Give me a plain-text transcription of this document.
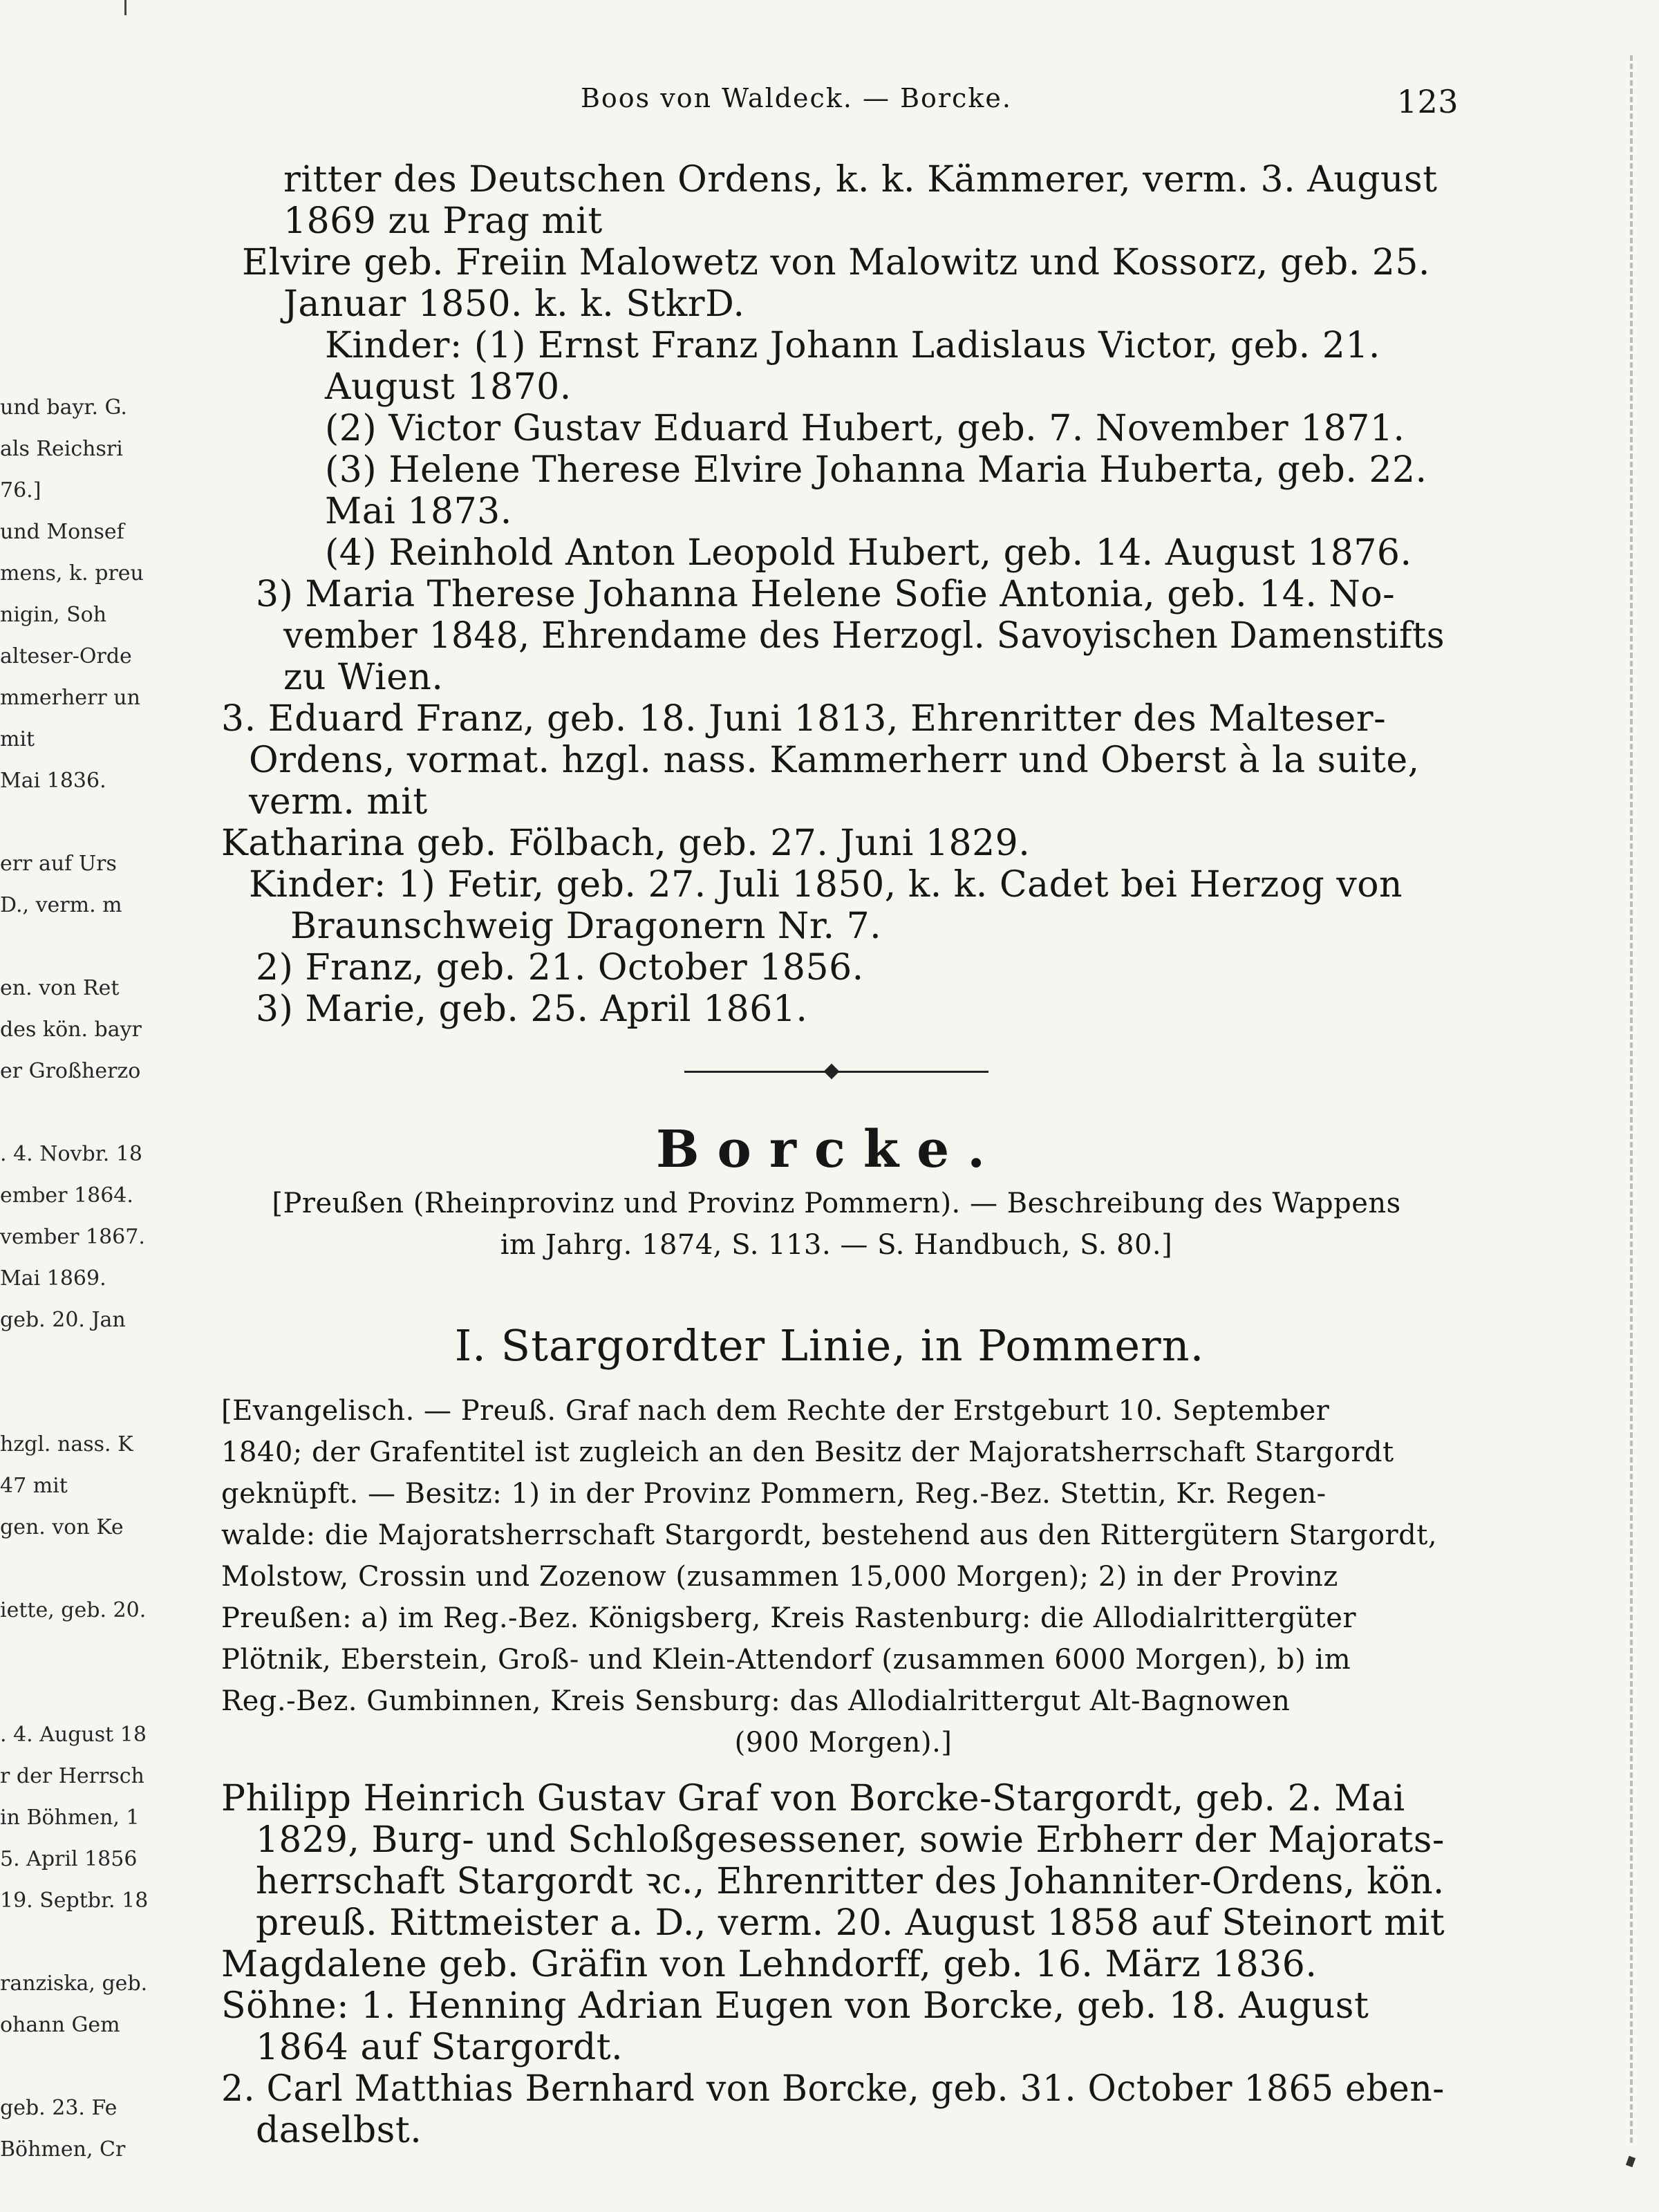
und bayr. G.
als Reichsri
76.]
und Monsef
mens, k. preu
nigin, Soh
alteser-Orde
mmerherr un
mit
Mai 1836.
err auf Urs
D., verm. m
en. von Ret
des kön. bayr
er Großherzo
. 4. Novbr. 18
ember 1864.
vember 1867.
Mai 1869.
geb. 20. Jan
hzgl. nass. K
47 mit
gen. von Ke
iette, geb. 20.
. 4. August 18
r der Herrsch
in Böhmen, 1
5. April 1856
19. Septbr. 18
ranziska, geb.
ohann Gem
geb. 23. Fe
Böhmen, Cr
Boos von Waldeck. — Borcke.	123
ritter des Deutschen Ordens, k. k. Kämmerer, verm. 3. August
1869 zu Prag mit
Elvire geb. Freiin Malowetz von Malowitz und Kossorz, geb. 25.
Januar 1850. k. k. StkrD.
Kinder: (1) Ernst Franz Johann Ladislaus Victor, geb. 21.
August 1870.
(2) Victor Gustav Eduard Hubert, geb. 7. November 1871.
(3) Helene Therese Elvire Johanna Maria Huberta, geb. 22.
Mai 1873.
(4) Reinhold Anton Leopold Hubert, geb. 14. August 1876.
3) Maria Therese Johanna Helene Sofie Antonia, geb. 14. No-
vember 1848, Ehrendame des Herzogl. Savoyischen Damenstifts
zu Wien.
3. Eduard Franz, geb. 18. Juni 1813, Ehrenritter des Malteser-
Ordens, vormat. hzgl. nass. Kammerherr und Oberst à la suite,
verm. mit
Katharina geb. Fölbach, geb. 27. Juni 1829.
Kinder: 1) Fetir, geb. 27. Juli 1850, k. k. Cadet bei Herzog von
Braunschweig Dragonern Nr. 7.
2) Franz, geb. 21. October 1856.
3) Marie, geb. 25. April 1861.
Borcke.
[Preußen (Rheinprovinz und Provinz Pommern). — Beschreibung des Wappens
im Jahrg. 1874, S. 113. — S. Handbuch, S. 80.]
I. Stargordter Linie, in Pommern.
[Evangelisch. — Preuß. Graf nach dem Rechte der Erstgeburt 10. September
1840; der Grafentitel ist zugleich an den Besitz der Majoratsherrschaft Stargordt
geknüpft. — Besitz: 1) in der Provinz Pommern, Reg.-Bez. Stettin, Kr. Regen-
walde: die Majoratsherrschaft Stargordt, bestehend aus den Rittergütern Stargordt,
Molstow, Crossin und Zozenow (zusammen 15,000 Morgen); 2) in der Provinz
Preußen: a) im Reg.-Bez. Königsberg, Kreis Rastenburg: die Allodialrittergüter
Plötnik, Eberstein, Groß- und Klein-Attendorf (zusammen 6000 Morgen), b) im
Reg.-Bez. Gumbinnen, Kreis Sensburg: das Allodialrittergut Alt-Bagnowen
(900 Morgen).]
Philipp Heinrich Gustav Graf von Borcke-Stargordt, geb. 2. Mai
1829, Burg- und Schloßgesessener, sowie Erbherr der Majorats-
herrschaft Stargordt ꝛc., Ehrenritter des Johanniter-Ordens, kön.
preuß. Rittmeister a. D., verm. 20. August 1858 auf Steinort mit
Magdalene geb. Gräfin von Lehndorff, geb. 16. März 1836.
Söhne: 1. Henning Adrian Eugen von Borcke, geb. 18. August
1864 auf Stargordt.
2. Carl Matthias Bernhard von Borcke, geb. 31. October 1865 eben-
daselbst.
